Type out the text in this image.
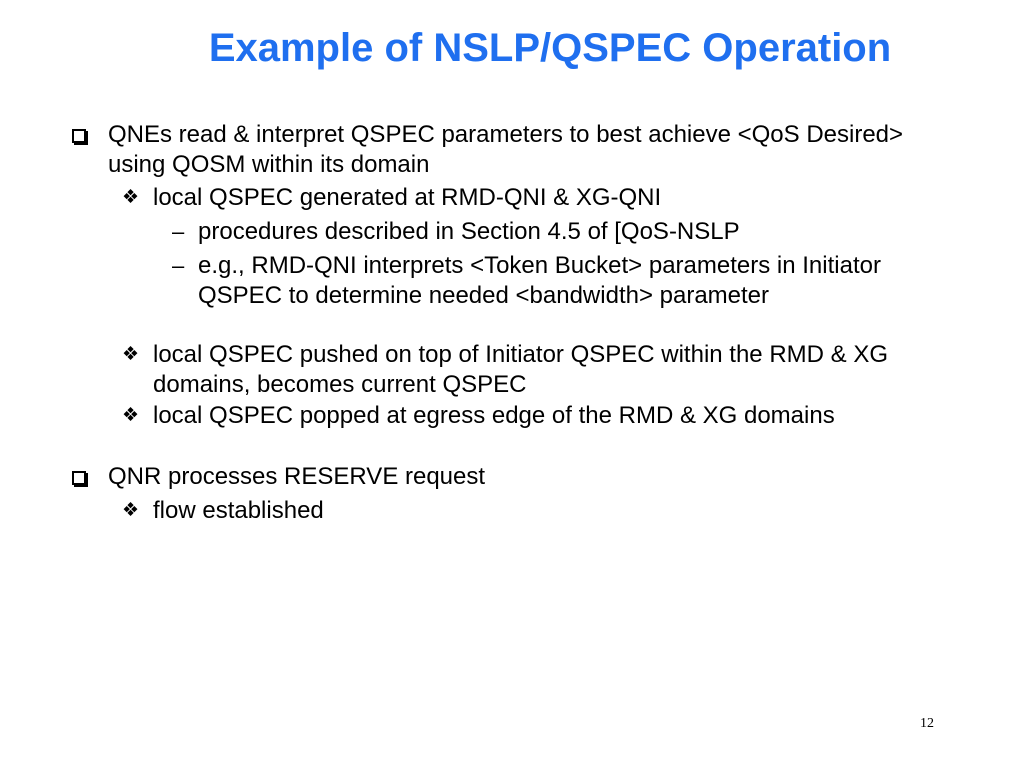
Example of NSLP/QSPEC Operation
QNEs read & interpret QSPEC parameters to best achieve <QoS Desired> using QOSM within its domain
❖ local QSPEC generated at RMD-QNI & XG-QNI
– procedures described in Section 4.5 of [QoS-NSLP
– e.g., RMD-QNI interprets <Token Bucket> parameters in Initiator QSPEC to determine needed <bandwidth> parameter
❖ local QSPEC pushed on top of Initiator QSPEC within the RMD & XG domains, becomes current QSPEC
❖ local QSPEC popped at egress edge of the RMD & XG domains
QNR processes RESERVE request
❖ flow established
12
